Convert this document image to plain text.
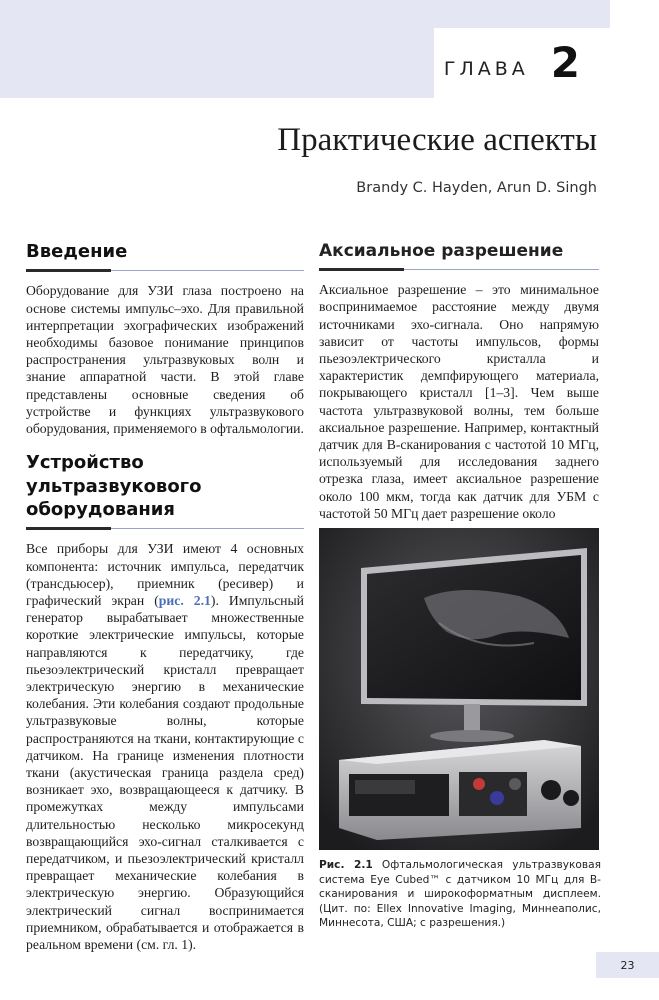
ГЛАВА 2
Практические аспекты
Brandy C. Hayden, Arun D. Singh
Введение

Оборудование для УЗИ глаза построено на основе системы импульс–эхо. Для правильной интерпретации эхографических изображений необходимы базовое понимание принципов распространения ультразвуковых волн и знание аппаратной части. В этой главе представлены основные сведения об устройстве и функциях ультразвукового оборудования, применяемого в офтальмологии.

Устройство ультразвукового оборудования

Все приборы для УЗИ имеют 4 основных компонента: источник импульса, передатчик (трансдьюсер), приемник (ресивер) и графический экран (рис. 2.1). Импульсный генератор вырабатывает множественные короткие электрические импульсы, которые направляются к передатчику, где пьезоэлектрический кристалл превращает электрическую энергию в механические колебания. Эти колебания создают продольные ультразвуковые волны, которые распространяются на ткани, контактирующие с датчиком. На границе изменения плотности ткани (акустическая граница раздела сред) возникает эхо, возвращающееся к датчику. В промежутках между импульсами длительностью несколько микросекунд возвращающийся эхо-сигнал сталкивается с передатчиком, и пьезоэлектрический кристалл превращает механические колебания в электрическую энергию. Образующийся электрический сигнал воспринимается приемником, обрабатывается и отображается в реальном времени (см. гл. 1).

Аксиальное разрешение

Аксиальное разрешение – это минимальное воспринимаемое расстояние между двумя источниками эхо-сигнала. Оно напрямую зависит от частоты импульсов, формы пьезоэлектрического кристалла и характеристик демпфирующего материала, покрывающего кристалл [1–3]. Чем выше частота ультразвуковой волны, тем больше аксиальное разрешение. Например, контактный датчик для B-сканирования с частотой 10 МГц, используемый для исследования заднего отрезка глаза, имеет аксиальное разрешение около 100 мкм, тогда как датчик для УБМ с частотой 50 МГц дает разрешение около

Рис. 2.1 Офтальмологическая ультразвуковая система Eye Cubed™ с датчиком 10 МГц для B-сканирования и широкоформатным дисплеем. (Цит. по: Ellex Innovative Imaging, Миннеаполис, Миннесота, США; с разрешения.)
23
